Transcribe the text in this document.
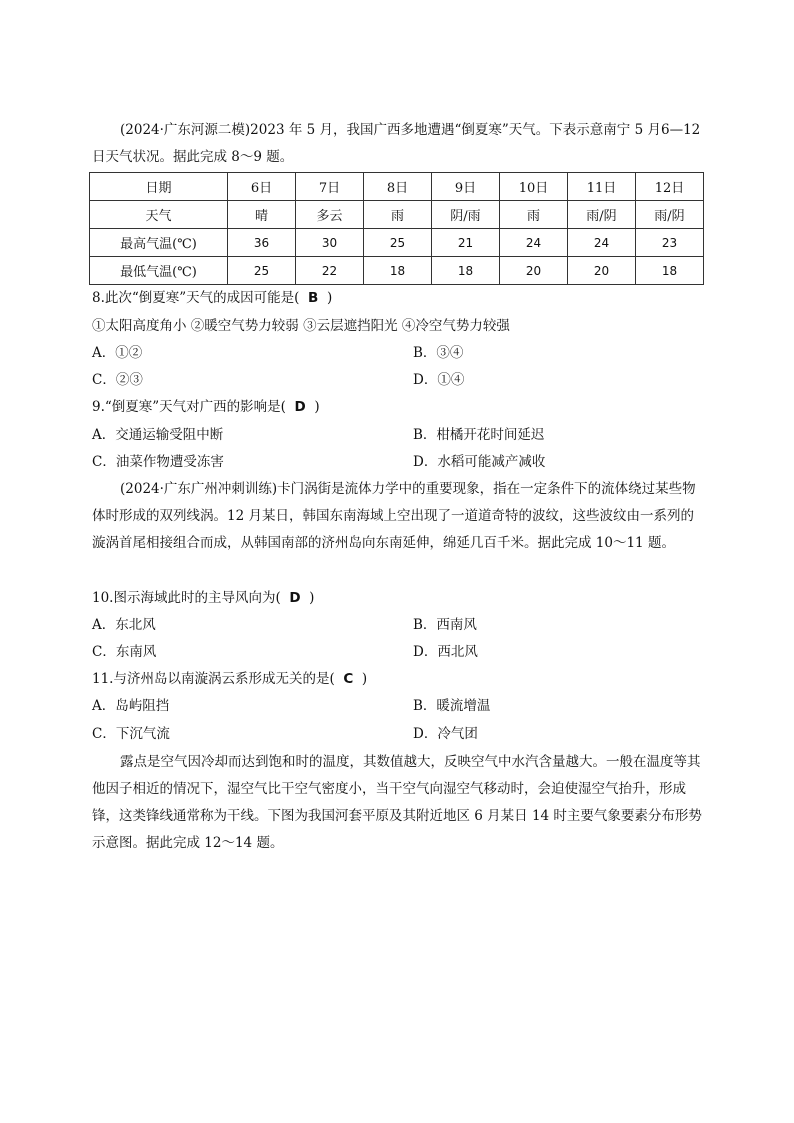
(2024·广东河源二模)2023 年 5 月，我国广西多地遭遇“倒夏寒”天气。下表示意南宁 5 月6—12 日天气状况。据此完成 8～9 题。
日期	6日	7日	8日	9日	10日	11日	12日
天气	晴	多云	雨	阴/雨	雨	雨/阴	雨/阴
最高气温(℃)	36	30	25	21	24	24	23
最低气温(℃)	25	22	18	18	20	20	18
8.此次“倒夏寒”天气的成因可能是( B )
①太阳高度角小 ②暖空气势力较弱 ③云层遮挡阳光 ④冷空气势力较强
A．①②	B．③④
C．②③	D．①④
9.“倒夏寒”天气对广西的影响是( D )
A．交通运输受阻中断	B．柑橘开花时间延迟
C．油菜作物遭受冻害	D．水稻可能减产减收
(2024·广东广州冲刺训练)卡门涡街是流体力学中的重要现象，指在一定条件下的流体绕过某些物体时形成的双列线涡。12 月某日，韩国东南海域上空出现了一道道奇特的波纹，这些波纹由一系列的漩涡首尾相接组合而成，从韩国南部的济州岛向东南延伸，绵延几百千米。据此完成 10～11 题。
10.图示海域此时的主导风向为( D )
A．东北风	B．西南风
C．东南风	D．西北风
11.与济州岛以南漩涡云系形成无关的是( C )
A．岛屿阻挡	B．暖流增温
C．下沉气流	D．冷气团
露点是空气因冷却而达到饱和时的温度，其数值越大，反映空气中水汽含量越大。一般在温度等其他因子相近的情况下，湿空气比干空气密度小，当干空气向湿空气移动时，会迫使湿空气抬升，形成锋，这类锋线通常称为干线。下图为我国河套平原及其附近地区 6 月某日 14 时主要气象要素分布形势示意图。据此完成 12～14 题。
